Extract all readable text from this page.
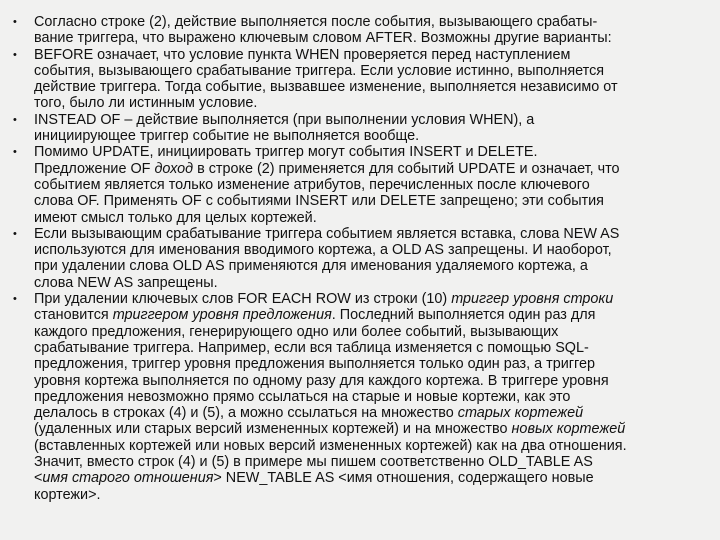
• Согласно строке (2), действие выполняется после события, вызывающего срабаты-
вание триггера, что выражено ключевым словом AFTER. Возможны другие варианты:
• BEFORE означает, что условие пункта WHEN проверяется перед наступлением
события, вызывающего срабатывание триггера. Если условие истинно, выполняется
действие триггера. Тогда событие, вызвавшее изменение, выполняется независимо от
того, было ли истинным условие.
• INSTEAD OF – действие выполняется (при выполнении условия WHEN), а
инициирующее триггер событие не выполняется вообще.
• Помимо UPDATE, инициировать триггер могут события INSERT и DELETE.
Предложение OF доход в строке (2) применяется для событий UPDATE и означает, что
событием является только изменение атрибутов, перечисленных после ключевого
слова OF. Применять OF с событиями INSERT или DELETE запрещено; эти события
имеют смысл только для целых кортежей.
• Если вызывающим срабатывание триггера событием является вставка, слова NEW AS
используются для именования вводимого кортежа, а OLD AS запрещены. И наоборот,
при удалении слова OLD AS применяются для именования удаляемого кортежа, а
слова NEW AS запрещены.
• При удалении ключевых слов FOR EACH ROW из строки (10) триггер уровня строки
становится триггером уровня предложения. Последний выполняется один раз для
каждого предложения, генерирующего одно или более событий, вызывающих
срабатывание триггера. Например, если вся таблица изменяется с помощью SQL-
предложения, триггер уровня предложения выполняется только один раз, а триггер
уровня кортежа выполняется по одному разу для каждого кортежа. В триггере уровня
предложения невозможно прямо ссылаться на старые и новые кортежи, как это
делалось в строках (4) и (5), а можно ссылаться на множество старых кортежей
(удаленных или старых версий измененных кортежей) и на множество новых кортежей
(вставленных кортежей или новых версий измененных кортежей) как на два отношения.
Значит, вместо строк (4) и (5) в примере мы пишем соответственно OLD_TABLE AS
<имя старого отношения> NEW_TABLE AS <имя отношения, содержащего новые
кортежи>.
